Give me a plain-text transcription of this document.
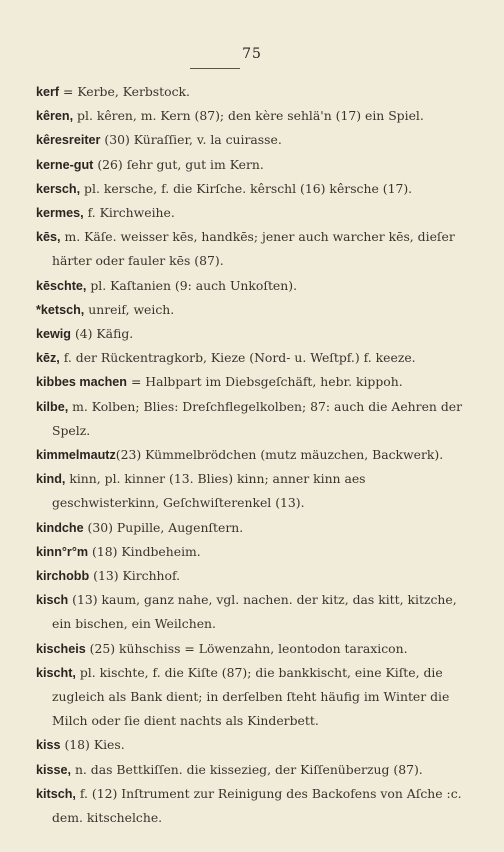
75
kerf = Kerbe, Kerbstock.
kêren, pl. kêren, m. Kern (87); den kère sehlä'n (17) ein Spiel.
kêresreiter (30) Küraſſier, v. la cuirasse.
kerne-gut (26) ſehr gut, gut im Kern.
kersch, pl. kersche, f. die Kirſche. kêrschl (16) kêrsche (17).
kermes, f. Kirchweihe.
kēs, m. Käſe. weisser kēs, handkēs; jener auch warcher kēs, dieſer härter oder fauler kēs (87).
kēschte, pl. Kaſtanien (9: auch Unkoſten).
*ketsch, unreif, weich.
kewig (4) Käfig.
kēz, f. der Rückentragkorb, Kieze (Nord- u. Weſtpf.) f. keeze.
kibbes machen = Halbpart im Diebsgeſchäft, hebr. kippoh.
kilbe, m. Kolben; Blies: Dreſchflegelkolben; 87: auch die Aehren der Spelz.
kimmelmautz(23) Kümmelbrödchen (mutz mäuzchen, Backwerk).
kind, kinn, pl. kinner (13. Blies) kinn; anner kinn aes geschwisterkinn, Geſchwiſterenkel (13).
kindche (30) Pupille, Augenſtern.
kinn°r°m (18) Kindbeheim.
kirchobb (13) Kirchhof.
kisch (13) kaum, ganz nahe, vgl. nachen. der kitz, das kitt, kitzche, ein bischen, ein Weilchen.
kischeis (25) kühschiss = Löwenzahn, leontodon taraxicon.
kischt, pl. kischte, f. die Kiſte (87); die bankkischt, eine Kiſte, die zugleich als Bank dient; in derſelben ſteht häufig im Winter die Milch oder ſie dient nachts als Kinderbett.
kiss (18) Kies.
kisse, n. das Bettkiſſen. die kissezieg, der Kiſſenüberzug (87).
kitsch, f. (12) Inſtrument zur Reinigung des Backofens von Aſche :c. dem. kitschelche.
